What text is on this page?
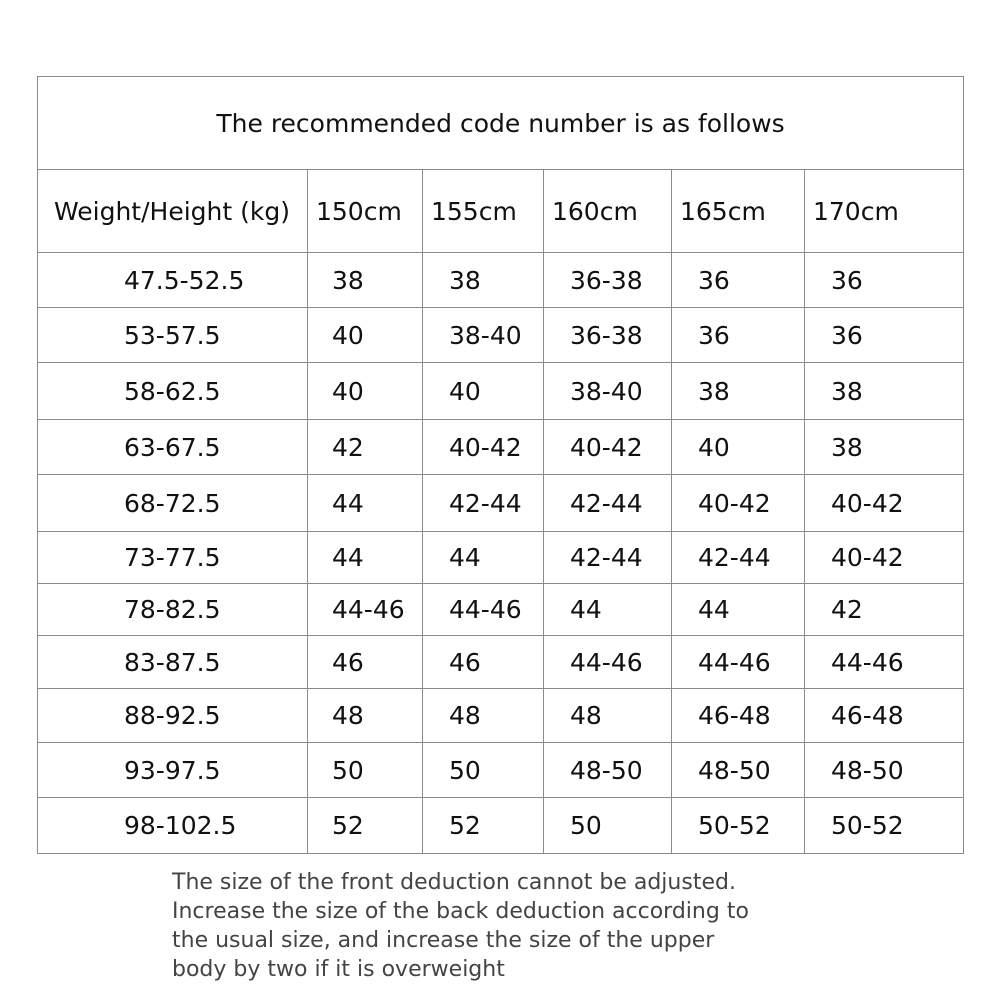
The recommended code number is as follows					
Weight/Height (kg)	150cm	155cm	160cm	165cm	170cm
47.5-52.5	38	38	36-38	36	36
53-57.5	40	38-40	36-38	36	36
58-62.5	40	40	38-40	38	38
63-67.5	42	40-42	40-42	40	38
68-72.5	44	42-44	42-44	40-42	40-42
73-77.5	44	44	42-44	42-44	40-42
78-82.5	44-46	44-46	44	44	42
83-87.5	46	46	44-46	44-46	44-46
88-92.5	48	48	48	46-48	46-48
93-97.5	50	50	48-50	48-50	48-50
98-102.5	52	52	50	50-52	50-52
The size of the front deduction cannot be adjusted.
Increase the size of the back deduction according to
the usual size, and increase the size of the upper
body by two if it is overweight
